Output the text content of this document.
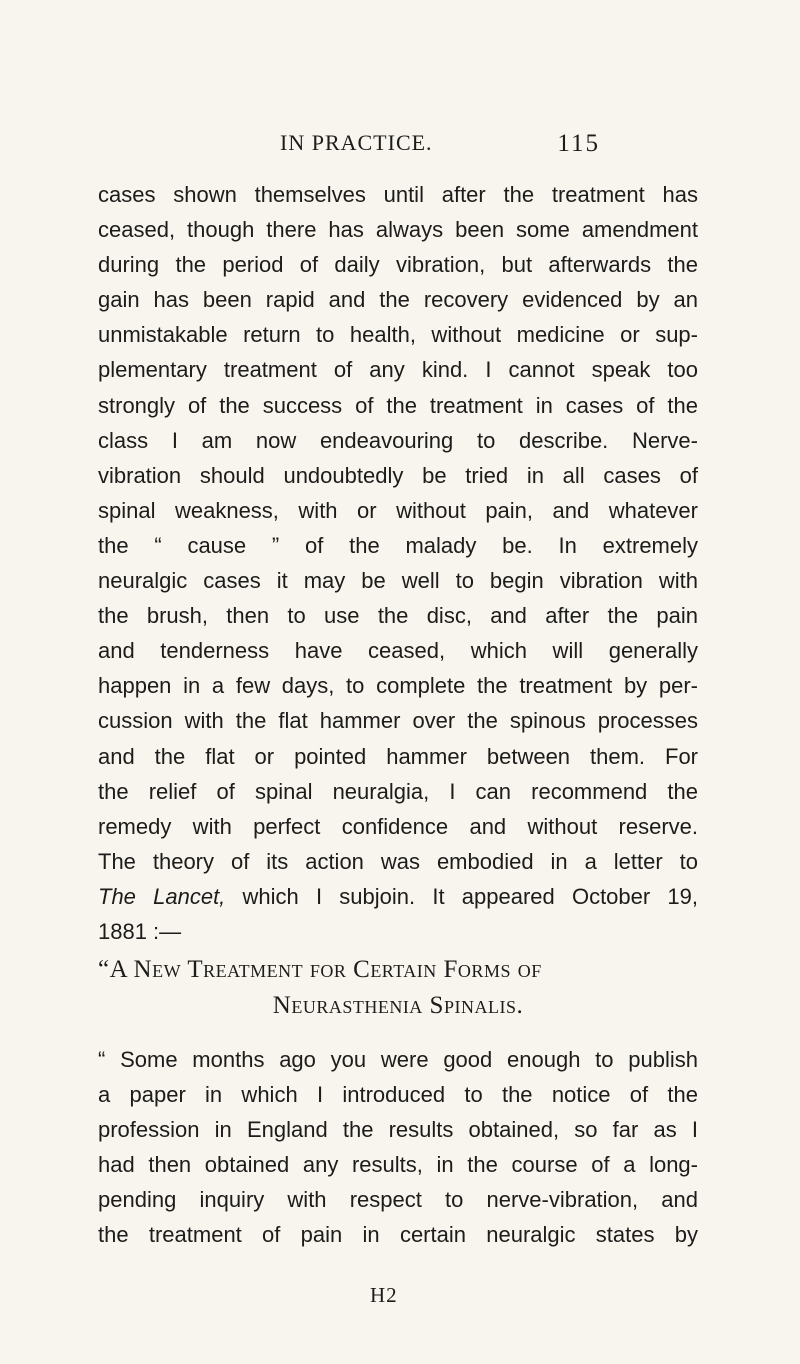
IN PRACTICE.	115
cases shown themselves until after the treatment has
ceased, though there has always been some amendment
during the period of daily vibration, but afterwards the
gain has been rapid and the recovery evidenced by an
unmistakable return to health, without medicine or sup-
plementary treatment of any kind. I cannot speak too
strongly of the success of the treatment in cases of the
class I am now endeavouring to describe. Nerve-
vibration should undoubtedly be tried in all cases of
spinal weakness, with or without pain, and whatever
the “ cause ” of the malady be. In extremely
neuralgic cases it may be well to begin vibration with
the brush, then to use the disc, and after the pain
and tenderness have ceased, which will generally
happen in a few days, to complete the treatment by per-
cussion with the flat hammer over the spinous processes
and the flat or pointed hammer between them. For
the relief of spinal neuralgia, I can recommend the
remedy with perfect confidence and without reserve.
The theory of its action was embodied in a letter to
The Lancet, which I subjoin. It appeared October 19,
1881 :—
“A New Treatment for Certain Forms of
Neurasthenia Spinalis.
“ Some months ago you were good enough to publish
a paper in which I introduced to the notice of the
profession in England the results obtained, so far as I
had then obtained any results, in the course of a long-
pending inquiry with respect to nerve-vibration, and
the treatment of pain in certain neuralgic states by
H2
